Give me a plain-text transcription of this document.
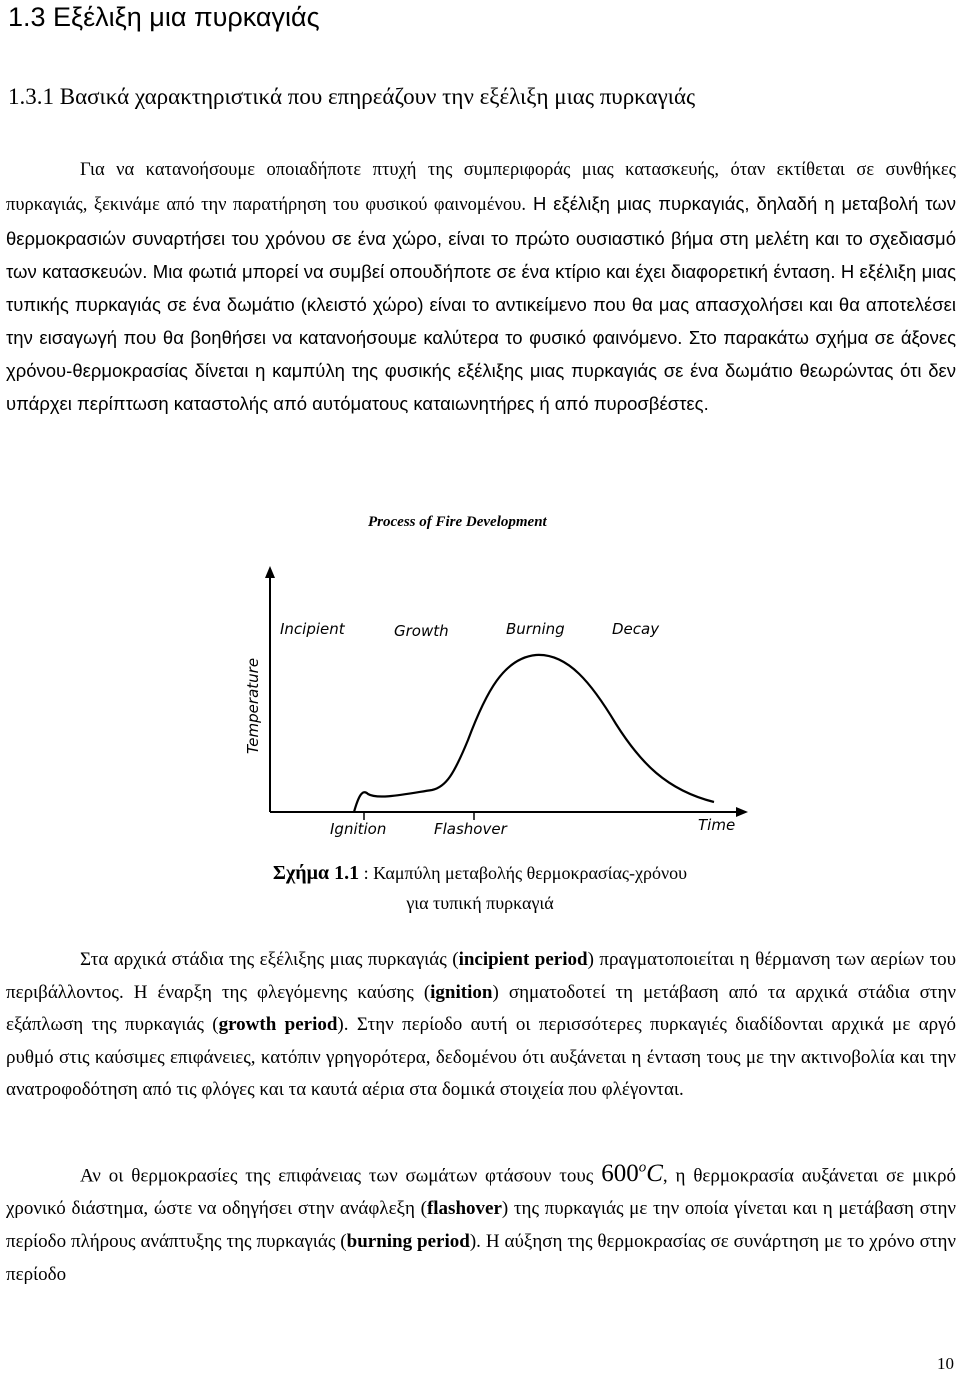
1.3 Εξέλιξη μια πυρκαγιάς
1.3.1 Βασικά χαρακτηριστικά που επηρεάζουν την εξέλιξη μιας πυρκαγιάς

Για να κατανοήσουμε οποιαδήποτε πτυχή της συμπεριφοράς μιας κατασκευής, όταν εκτίθεται σε συνθήκες πυρκαγιάς, ξεκινάμε από την παρατήρηση του φυσικού φαινομένου. Η εξέλιξη μιας πυρκαγιάς, δηλαδή η μεταβολή των θερμοκρασιών συναρτήσει του χρόνου σε ένα χώρο, είναι το πρώτο ουσιαστικό βήμα στη μελέτη και το σχεδιασμό των κατασκευών. Μια φωτιά μπορεί να συμβεί οπουδήποτε σε ένα κτίριο και έχει διαφορετική ένταση. Η εξέλιξη μιας τυπικής πυρκαγιάς σε ένα δωμάτιο (κλειστό χώρο) είναι το αντικείμενο που θα μας απασχολήσει και θα αποτελέσει την εισαγωγή που θα βοηθήσει να κατανοήσουμε καλύτερα το φυσικό φαινόμενο. Στο παρακάτω σχήμα σε άξονες χρόνου-θερμοκρασίας δίνεται η καμπύλη της φυσικής εξέλιξης μιας πυρκαγιάς σε ένα δωμάτιο θεωρώντας ότι δεν υπάρχει περίπτωση καταστολής από αυτόματους καταιωνητήρες ή από πυροσβέστες.

Process of Fire Development
Incipient	Growth	Burning	Decay
Temperature
Ignition	Flashover	Time

Σχήμα 1.1 : Καμπύλη μεταβολής θερμοκρασίας-χρόνου
για τυπική πυρκαγιά

Στα αρχικά στάδια της εξέλιξης μιας πυρκαγιάς (incipient period) πραγματοποιείται η θέρμανση των αερίων του περιβάλλοντος. Η έναρξη της φλεγόμενης καύσης (ignition) σηματοδοτεί τη μετάβαση από τα αρχικά στάδια στην εξάπλωση της πυρκαγιάς (growth period). Στην περίοδο αυτή οι περισσότερες πυρκαγιές διαδίδονται αρχικά με αργό ρυθμό στις καύσιμες επιφάνειες, κατόπιν γρηγορότερα, δεδομένου ότι αυξάνεται η ένταση τους με την ακτινοβολία και την ανατροφοδότηση από τις φλόγες και τα καυτά αέρια στα δομικά στοιχεία που φλέγονται.

Αν οι θερμοκρασίες της επιφάνειας των σωμάτων φτάσουν τους 600$^o$C, η θερμοκρασία αυξάνεται σε μικρό χρονικό διάστημα, ώστε να οδηγήσει στην ανάφλεξη (flashover) της πυρκαγιάς με την οποία γίνεται και η μετάβαση στην περίοδο πλήρους ανάπτυξης της πυρκαγιάς (burning period). Η αύξηση της θερμοκρασίας σε συνάρτηση με το χρόνο στην περίοδο

10
